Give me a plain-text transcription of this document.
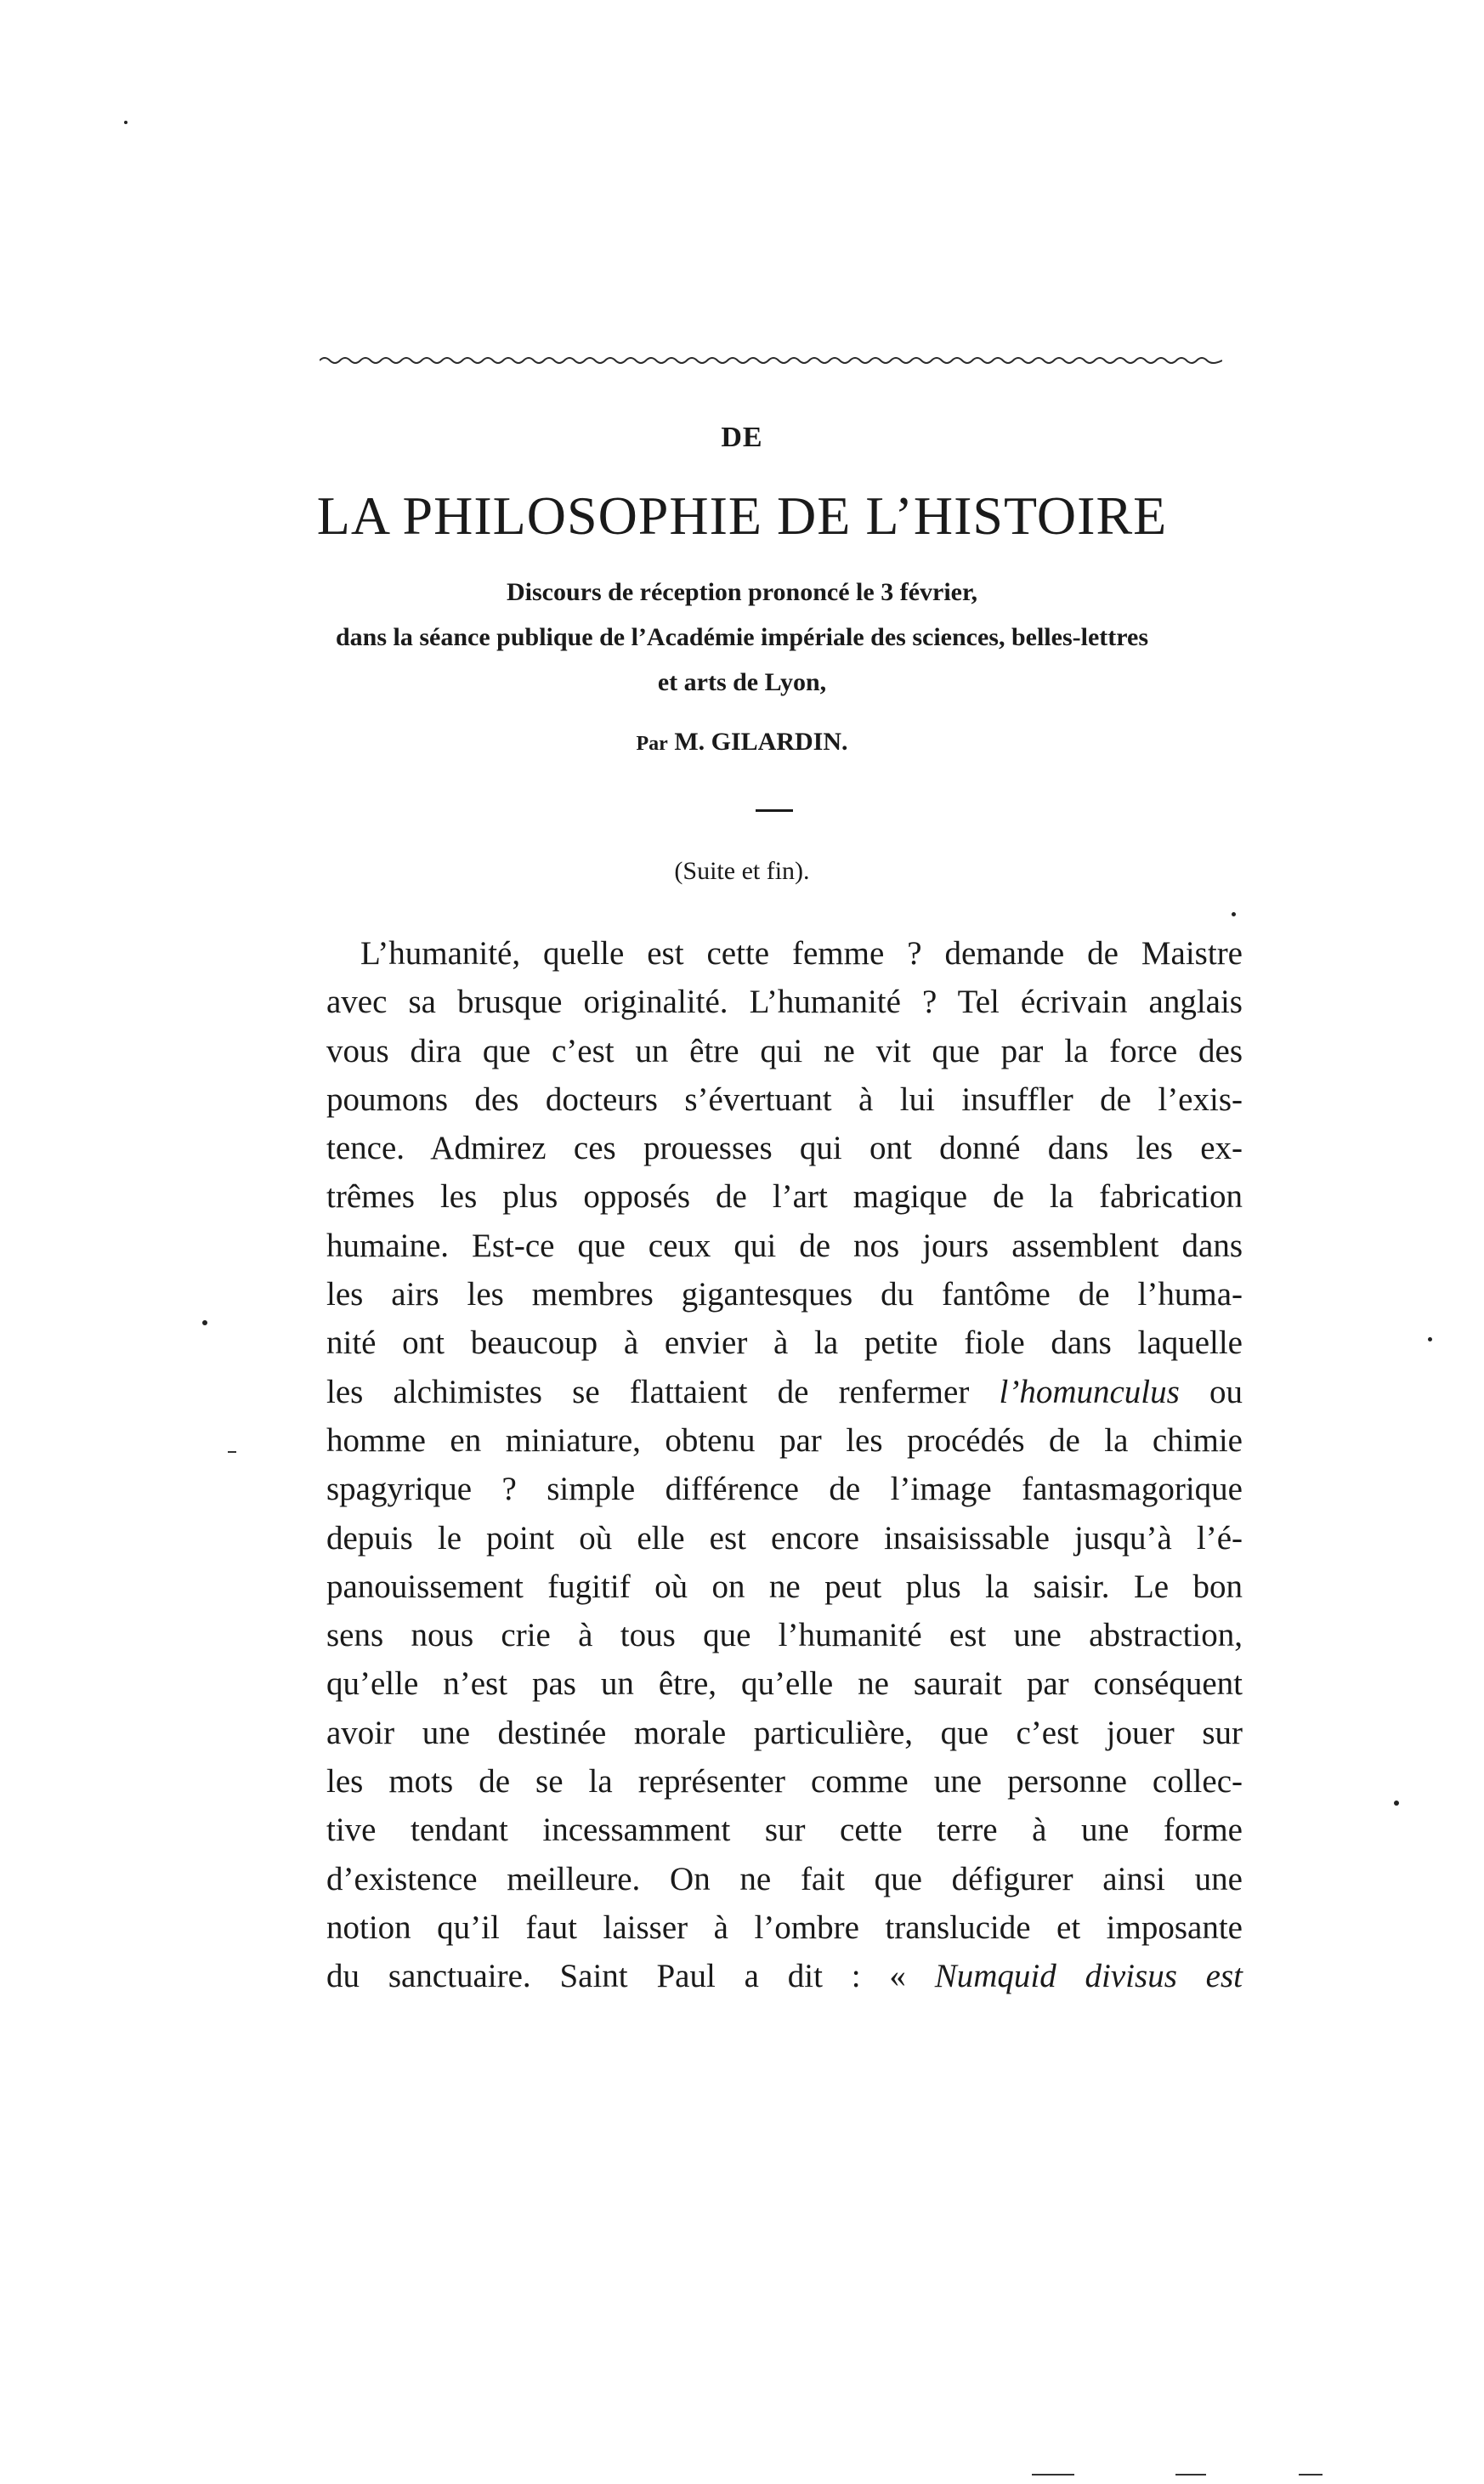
DE
LA PHILOSOPHIE DE L’HISTOIRE
Discours de réception prononcé le 3 février,
dans la séance publique de l’Académie impériale des sciences, belles-lettres
et arts de Lyon,
Par M. GILARDIN.
(Suite et fin).
L’humanité, quelle est cette femme ? demande de Maistre
avec sa brusque originalité. L’humanité ? Tel écrivain anglais
vous dira que c’est un être qui ne vit que par la force des
poumons des docteurs s’évertuant à lui insuffler de l’exis-
tence. Admirez ces prouesses qui ont donné dans les ex-
trêmes les plus opposés de l’art magique de la fabrication
humaine. Est-ce que ceux qui de nos jours assemblent dans
les airs les membres gigantesques du fantôme de l’huma-
nité ont beaucoup à envier à la petite fiole dans laquelle
les alchimistes se flattaient de renfermer l’homunculus ou
homme en miniature, obtenu par les procédés de la chimie
spagyrique ? simple différence de l’image fantasmagorique
depuis le point où elle est encore insaisissable jusqu’à l’é-
panouissement fugitif où on ne peut plus la saisir. Le bon
sens nous crie à tous que l’humanité est une abstraction,
qu’elle n’est pas un être, qu’elle ne saurait par conséquent
avoir une destinée morale particulière, que c’est jouer sur
les mots de se la représenter comme une personne collec-
tive tendant incessamment sur cette terre à une forme
d’existence meilleure. On ne fait que défigurer ainsi une
notion qu’il faut laisser à l’ombre translucide et imposante
du sanctuaire. Saint Paul a dit : « Numquid divisus est
